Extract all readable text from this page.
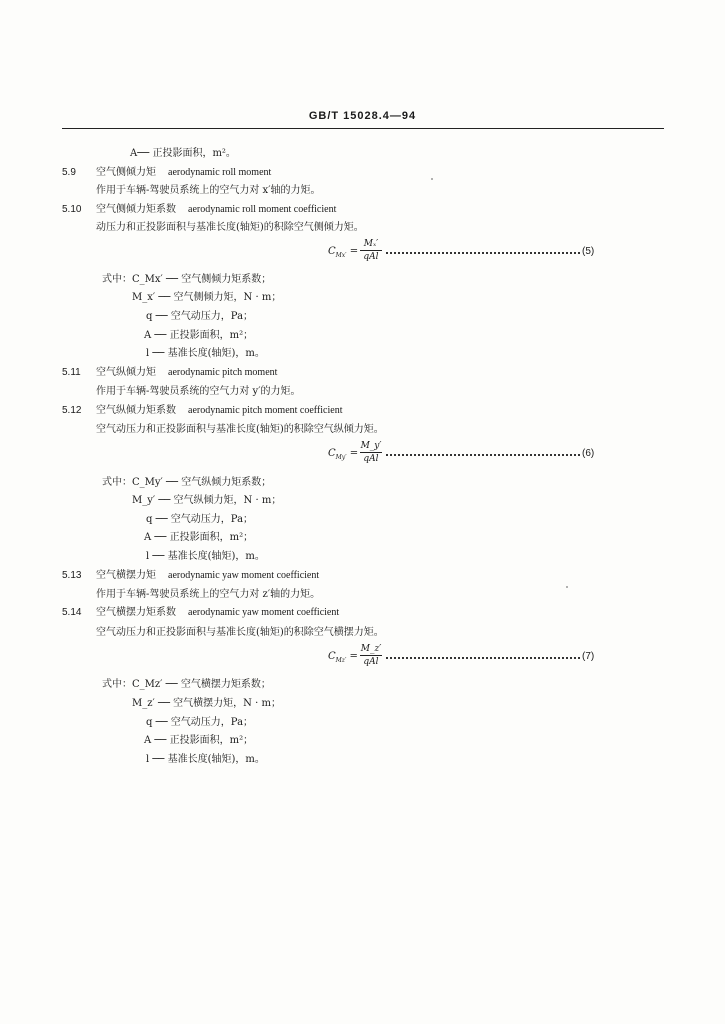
GB/T 15028.4—94
A── 正投影面积，m²。
5.9 空气侧倾力矩 aerodynamic roll moment
作用于车辆-驾驶员系统上的空气力对 x′轴的力矩。
5.10 空气侧倾力矩系数 aerodynamic roll moment coefficient
动压力和正投影面积与基准长度(轴矩)的积除空气侧倾力矩。
$C_{Mx'}$ =
Mₓ′
qAl	(5)
式中：C_Mx′ ── 空气侧倾力矩系数；
M_x′ ── 空气侧倾力矩，N · m；
q ── 空气动压力，Pa；
A ── 正投影面积，m²；
l ── 基准长度(轴矩)，m。
5.11 空气纵倾力矩 aerodynamic pitch moment
作用于车辆-驾驶员系统的空气力对 y′的力矩。
5.12 空气纵倾力矩系数 aerodynamic pitch moment coefficient
空气动压力和正投影面积与基准长度(轴矩)的积除空气纵倾力矩。
$C_{My'}$ =
M_y′
qAl	(6)
式中：C_My′ ── 空气纵倾力矩系数；
M_y′ ── 空气纵倾力矩，N · m；
q ── 空气动压力，Pa；
A ── 正投影面积，m²；
l ── 基准长度(轴矩)，m。
5.13 空气横摆力矩 aerodynamic yaw moment coefficient
作用于车辆-驾驶员系统上的空气力对 z′轴的力矩。
5.14 空气横摆力矩系数 aerodynamic yaw moment coefficient
空气动压力和正投影面积与基准长度(轴矩)的积除空气横摆力矩。
$C_{Mz'}$ =
M_z′
qAl	(7)
式中：C_Mz′ ── 空气横摆力矩系数；
M_z′ ── 空气横摆力矩，N · m；
q ── 空气动压力，Pa；
A ── 正投影面积，m²；
l ── 基准长度(轴矩)，m。
